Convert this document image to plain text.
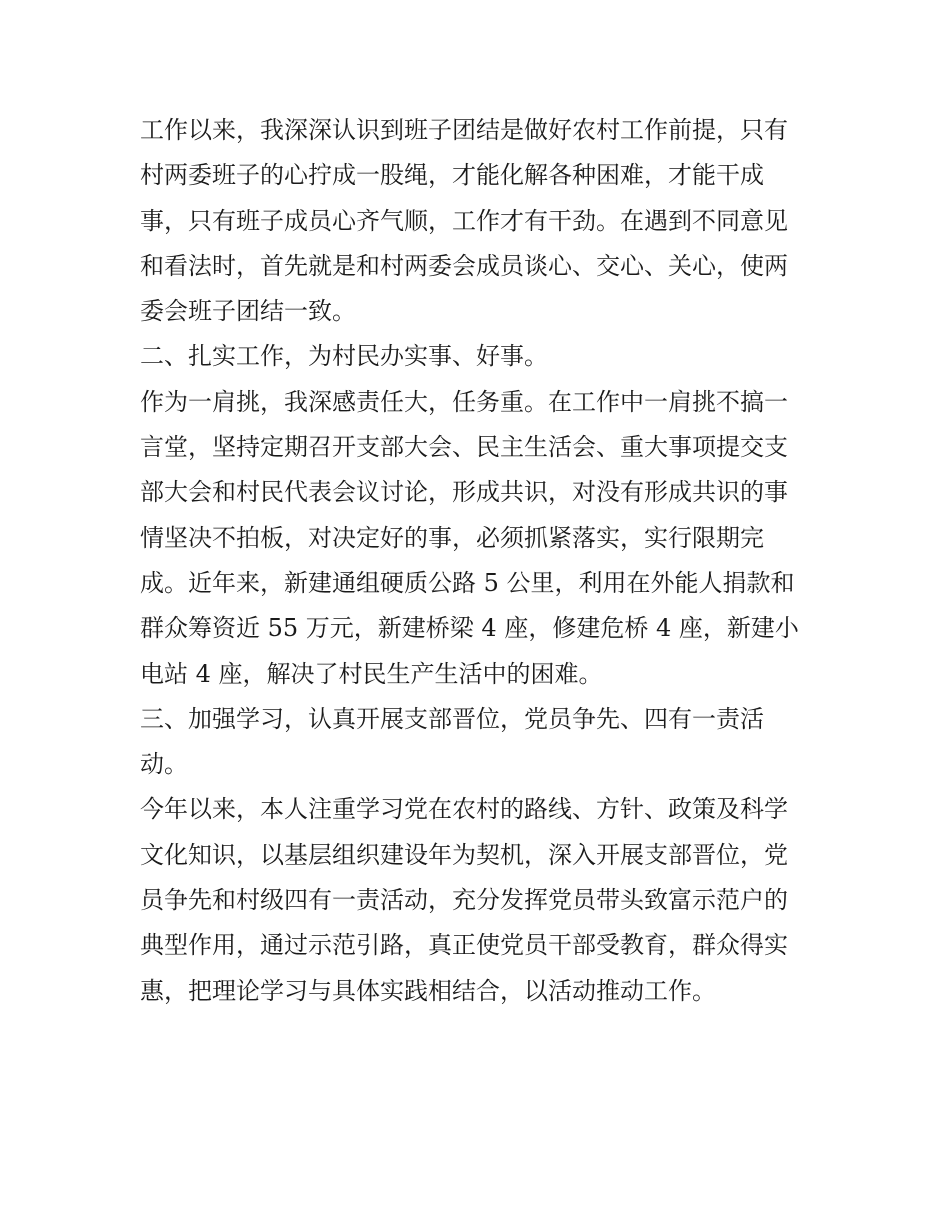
工作以来，我深深认识到班子团结是做好农村工作前提，只有
村两委班子的心拧成一股绳，才能化解各种困难，才能干成
事，只有班子成员心齐气顺，工作才有干劲。在遇到不同意见
和看法时，首先就是和村两委会成员谈心、交心、关心，使两
委会班子团结一致。
二、扎实工作，为村民办实事、好事。
作为一肩挑，我深感责任大，任务重。在工作中一肩挑不搞一
言堂，坚持定期召开支部大会、民主生活会、重大事项提交支
部大会和村民代表会议讨论，形成共识，对没有形成共识的事
情坚决不拍板，对决定好的事，必须抓紧落实，实行限期完
成。近年来，新建通组硬质公路 5 公里，利用在外能人捐款和
群众筹资近 55 万元，新建桥梁 4 座，修建危桥 4 座，新建小
电站 4 座，解决了村民生产生活中的困难。
三、加强学习，认真开展支部晋位，党员争先、四有一责活
动。
今年以来，本人注重学习党在农村的路线、方针、政策及科学
文化知识，以基层组织建设年为契机，深入开展支部晋位，党
员争先和村级四有一责活动，充分发挥党员带头致富示范户的
典型作用，通过示范引路，真正使党员干部受教育，群众得实
惠，把理论学习与具体实践相结合，以活动推动工作。
